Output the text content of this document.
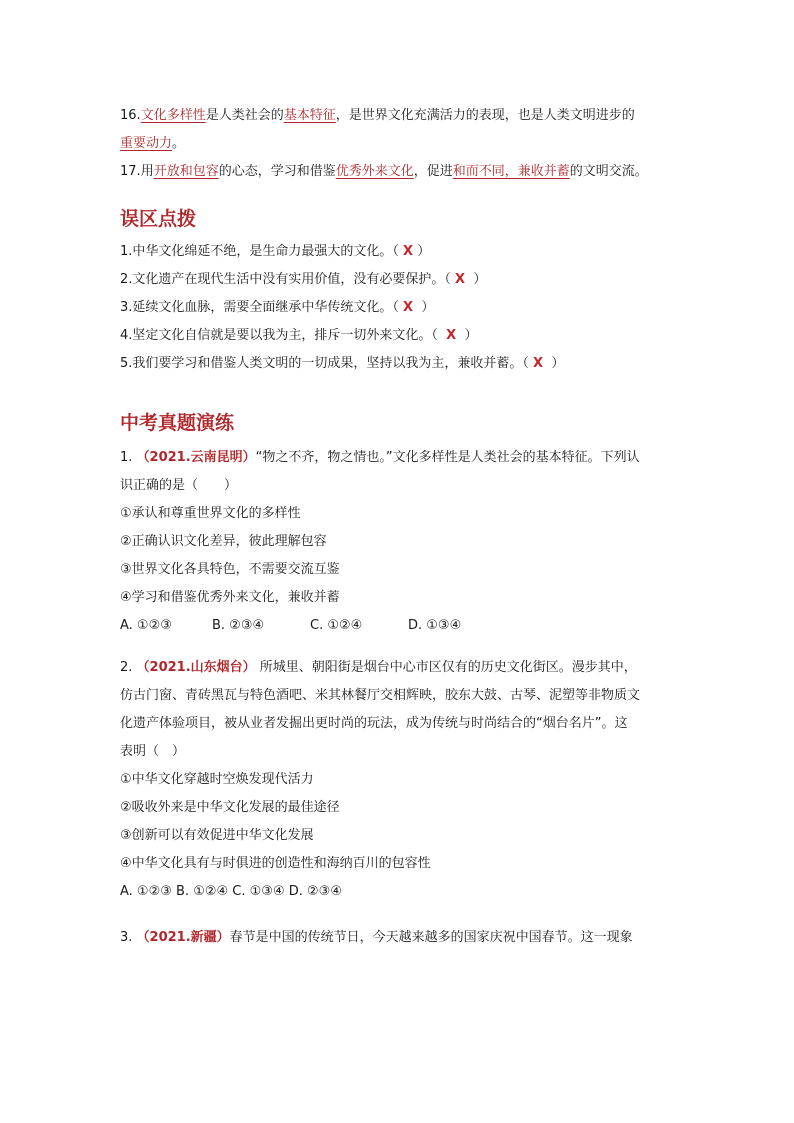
16.文化多样性是人类社会的基本特征，是世界文化充满活力的表现，也是人类文明进步的

重要动力。

17.用开放和包容的心态，学习和借鉴优秀外来文化，促进和而不同，兼收并蓄的文明交流。

误区点拨

1.中华文化绵延不绝，是生命力最强大的文化。（ X ）

2.文化遗产在现代生活中没有实用价值，没有必要保护。（ X ）

3.延续文化血脉，需要全面继承中华传统文化。（ X ）

4.坚定文化自信就是要以我为主，排斥一切外来文化。（ X ）

5.我们要学习和借鉴人类文明的一切成果，坚持以我为主，兼收并蓄。（ X ）

中考真题演练

1. （2021.云南昆明）“物之不齐，物之情也。”文化多样性是人类社会的基本特征。下列认

识正确的是（　　）

①承认和尊重世界文化的多样性

②正确认识文化差异，彼此理解包容

③世界文化各具特色，不需要交流互鉴

④学习和借鉴优秀外来文化，兼收并蓄

A. ①②③	B. ②③④	C. ①②④	D. ①③④

2. （2021.山东烟台） 所城里、朝阳街是烟台中心市区仅有的历史文化街区。漫步其中，

仿古门窗、青砖黑瓦与特色酒吧、米其林餐厅交相辉映，胶东大鼓、古琴、泥塑等非物质文

化遗产体验项目，被从业者发掘出更时尚的玩法，成为传统与时尚结合的“烟台名片”。这

表明（　）

①中华文化穿越时空焕发现代活力

②吸收外来是中华文化发展的最佳途径

③创新可以有效促进中华文化发展

④中华文化具有与时俱进的创造性和海纳百川的包容性

A. ①②③ B. ①②④ C. ①③④ D. ②③④

3. （2021.新疆）春节是中国的传统节日，今天越来越多的国家庆祝中国春节。这一现象
